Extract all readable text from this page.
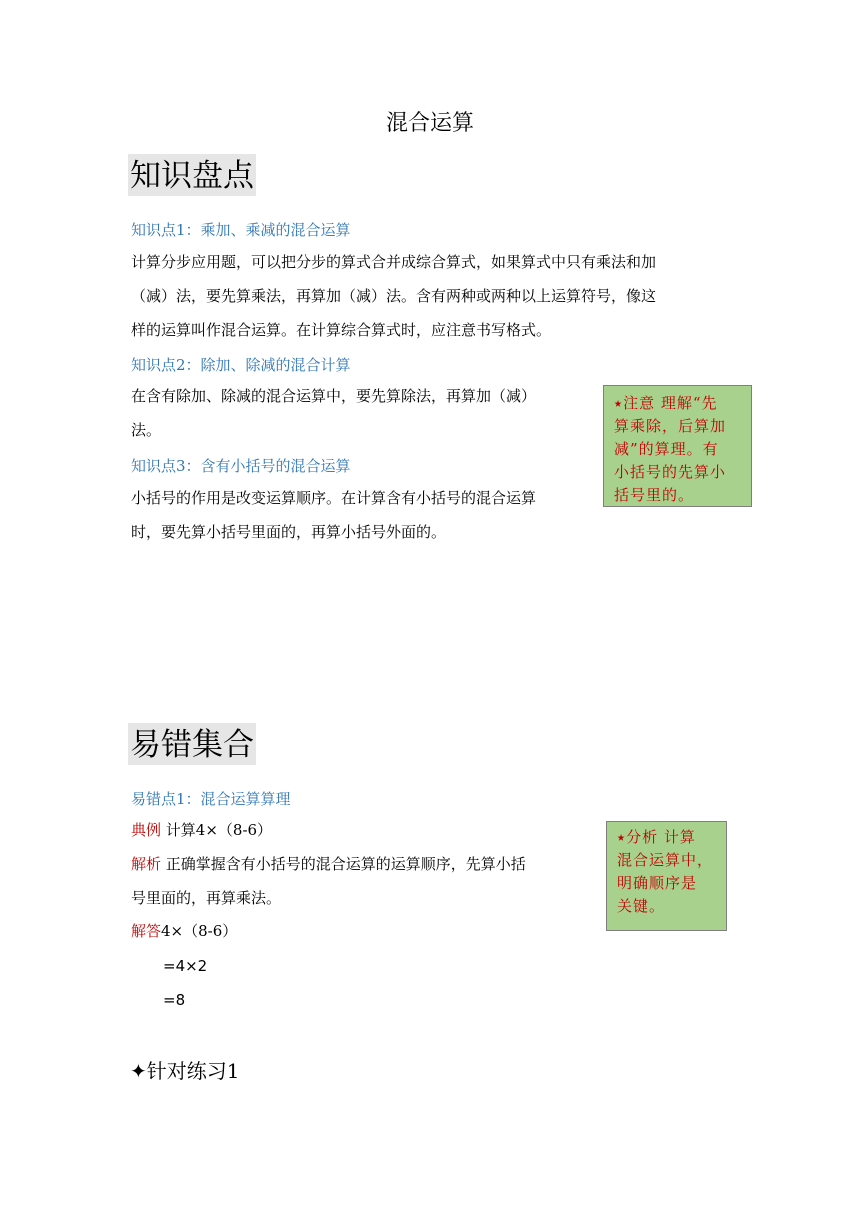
混合运算
知识盘点
知识点1：乘加、乘减的混合运算
计算分步应用题，可以把分步的算式合并成综合算式，如果算式中只有乘法和加
（减）法，要先算乘法，再算加（减）法。含有两种或两种以上运算符号，像这
样的运算叫作混合运算。在计算综合算式时，应注意书写格式。
知识点2：除加、除减的混合计算
在含有除加、除减的混合运算中，要先算除法，再算加（减）
法。
知识点3：含有小括号的混合运算
小括号的作用是改变运算顺序。在计算含有小括号的混合运算
时，要先算小括号里面的，再算小括号外面的。
⭑注意 理解“先
算乘除，后算加
减”的算理。有
小括号的先算小
括号里的。
易错集合
易错点1：混合运算算理
典例 计算4×（8-6）
解析 正确掌握含有小括号的混合运算的运算顺序，先算小括
号里面的，再算乘法。
解答4×（8-6）
=4×2
=8
⭑分析 计算
混合运算中，
明确顺序是
关键。
✦针对练习1
